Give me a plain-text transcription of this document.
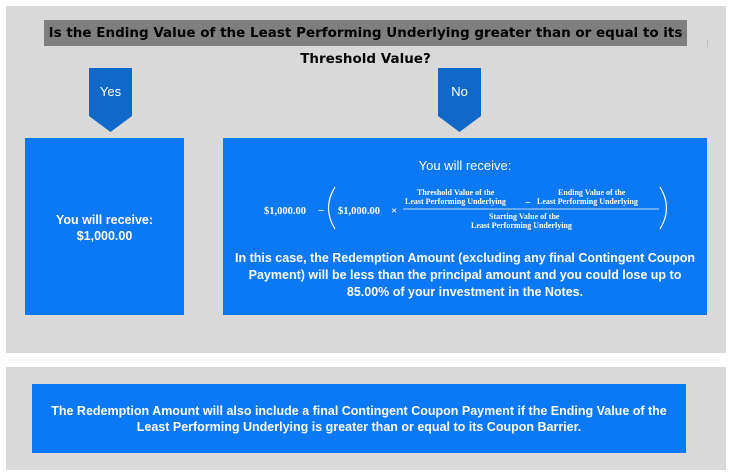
Is the Ending Value of the Least Performing Underlying greater than or equal to its Threshold Value?
Yes	No
You will receive:
$1,000.00
You will receive:
$1,000.00 − $1,000.00 ×
Threshold Value of the
Least Performing Underlying −
Ending Value of the
Least Performing Underlying
Starting Value of the
Least Performing Underlying
In this case, the Redemption Amount (excluding any final Contingent Coupon Payment) will be less than the principal amount and you could lose up to 85.00% of your investment in the Notes.
The Redemption Amount will also include a final Contingent Coupon Payment if the Ending Value of the Least Performing Underlying is greater than or equal to its Coupon Barrier.
